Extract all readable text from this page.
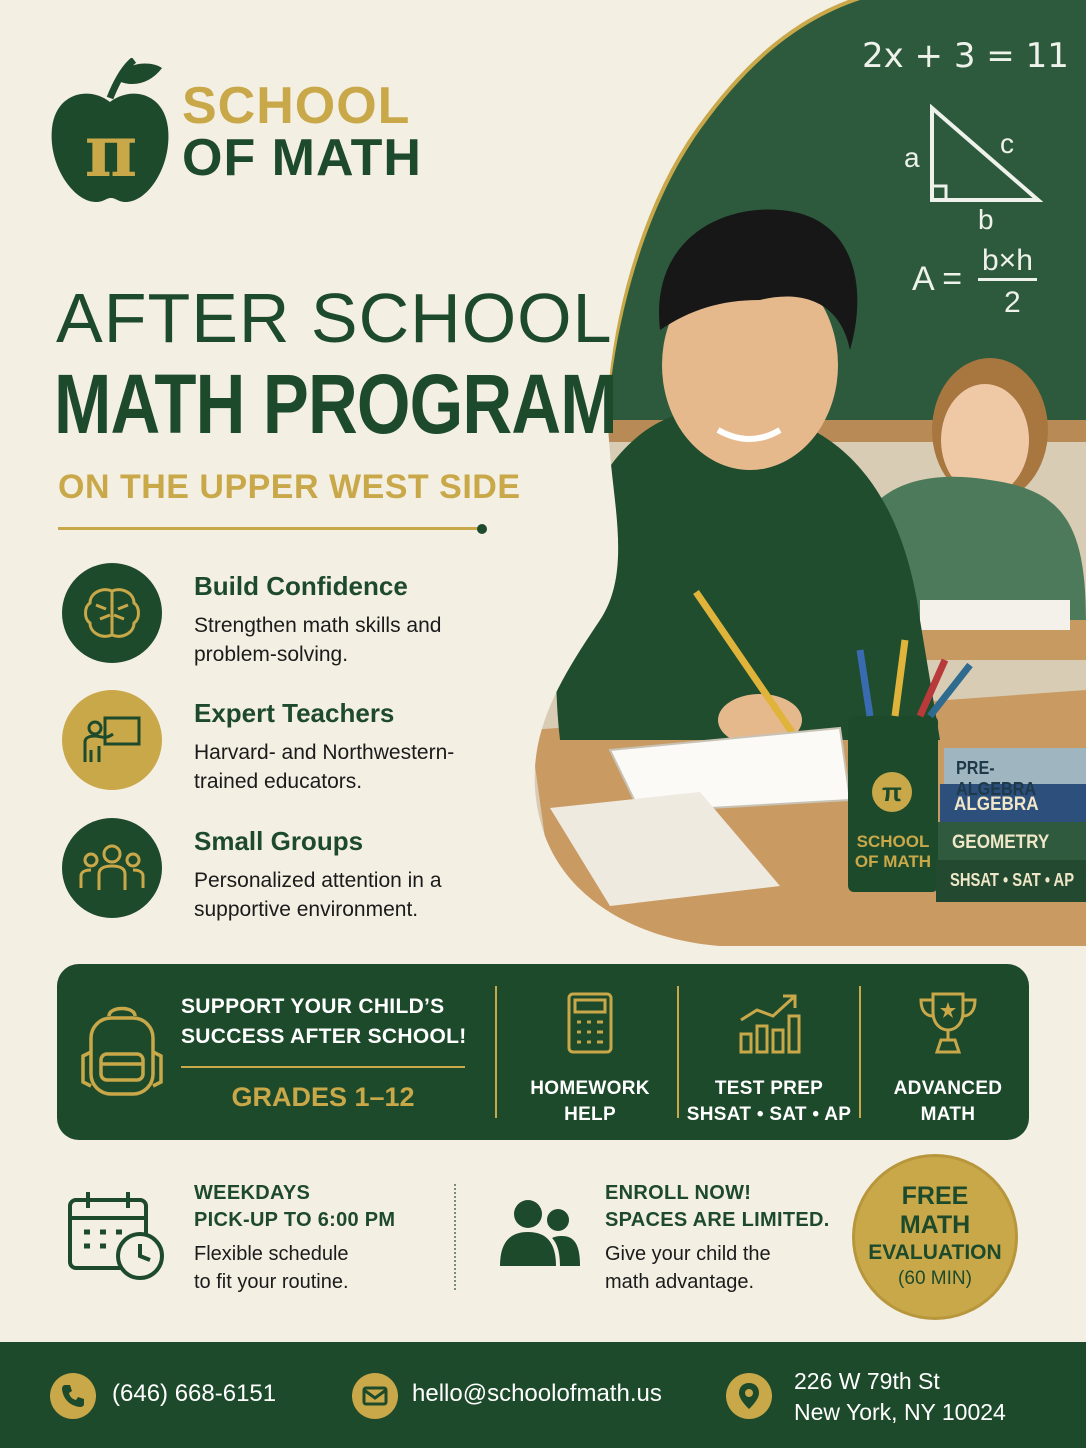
2x + 3 = 11
a	c
b
A = b×h
2
π
SCHOOL
OF MATH
PRE-ALGEBRA
ALGEBRA
GEOMETRY
SHSAT • SAT • AP
π
SCHOOL
OF MATH
AFTER SCHOOL
MATH PROGRAM
ON THE UPPER WEST SIDE
Build Confidence
Strengthen math skills and problem-solving.
Expert Teachers
Harvard- and Northwestern-trained educators.
Small Groups
Personalized attention in a supportive environment.
SUPPORT YOUR CHILD’S
SUCCESS AFTER SCHOOL!
GRADES 1–12	HOMEWORK
HELP
TEST PREP
SHSAT • SAT • AP
ADVANCED
MATH
WEEKDAYS
PICK-UP TO 6:00 PM
Flexible schedule
to fit your routine.
ENROLL NOW!
SPACES ARE LIMITED.
Give your child the
math advantage.
FREE
MATH
EVALUATION
(60 MIN)
(646) 668-6151	hello@schoolofmath.us	226 W 79th St
New York, NY 10024
